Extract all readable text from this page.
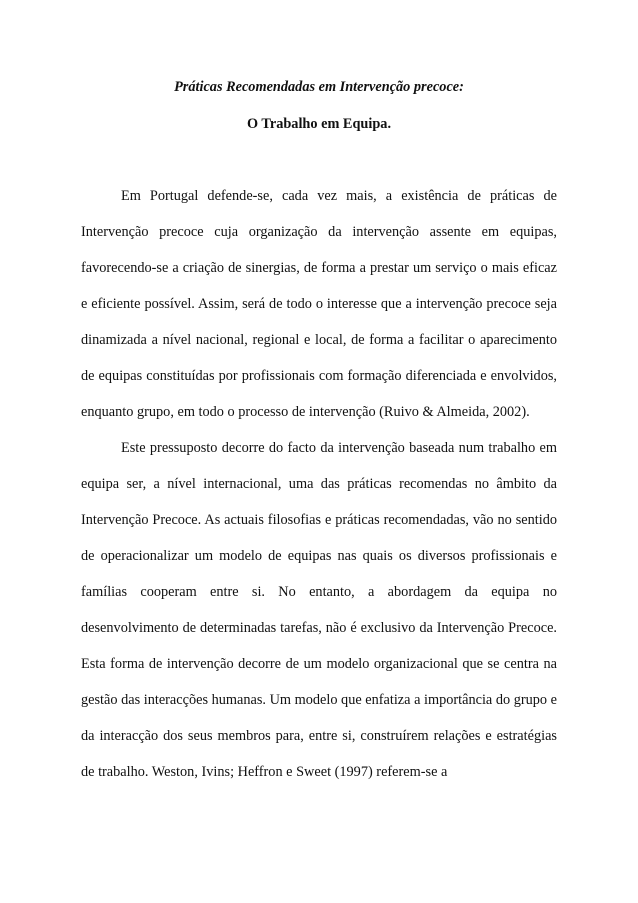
Práticas Recomendadas em Intervenção precoce:
O Trabalho em Equipa.

Em Portugal defende-se, cada vez mais, a existência de práticas de Intervenção precoce cuja organização da intervenção assente em equipas, favorecendo-se a criação de sinergias, de forma a prestar um serviço o mais eficaz e eficiente possível. Assim, será de todo o interesse que a intervenção precoce seja dinamizada a nível nacional, regional e local, de forma a facilitar o aparecimento de equipas constituídas por profissionais com formação diferenciada e envolvidos, enquanto grupo, em todo o processo de intervenção (Ruivo & Almeida, 2002).

Este pressuposto decorre do facto da intervenção baseada num trabalho em equipa ser, a nível internacional, uma das práticas recomendas no âmbito da Intervenção Precoce. As actuais filosofias e práticas recomendadas, vão no sentido de operacionalizar um modelo de equipas nas quais os diversos profissionais e famílias cooperam entre si. No entanto, a abordagem da equipa no desenvolvimento de determinadas tarefas, não é exclusivo da Intervenção Precoce. Esta forma de intervenção decorre de um modelo organizacional que se centra na gestão das interacções humanas. Um modelo que enfatiza a importância do grupo e da interacção dos seus membros para, entre si, construírem relações e estratégias de trabalho. Weston, Ivins; Heffron e Sweet (1997) referem-se a
